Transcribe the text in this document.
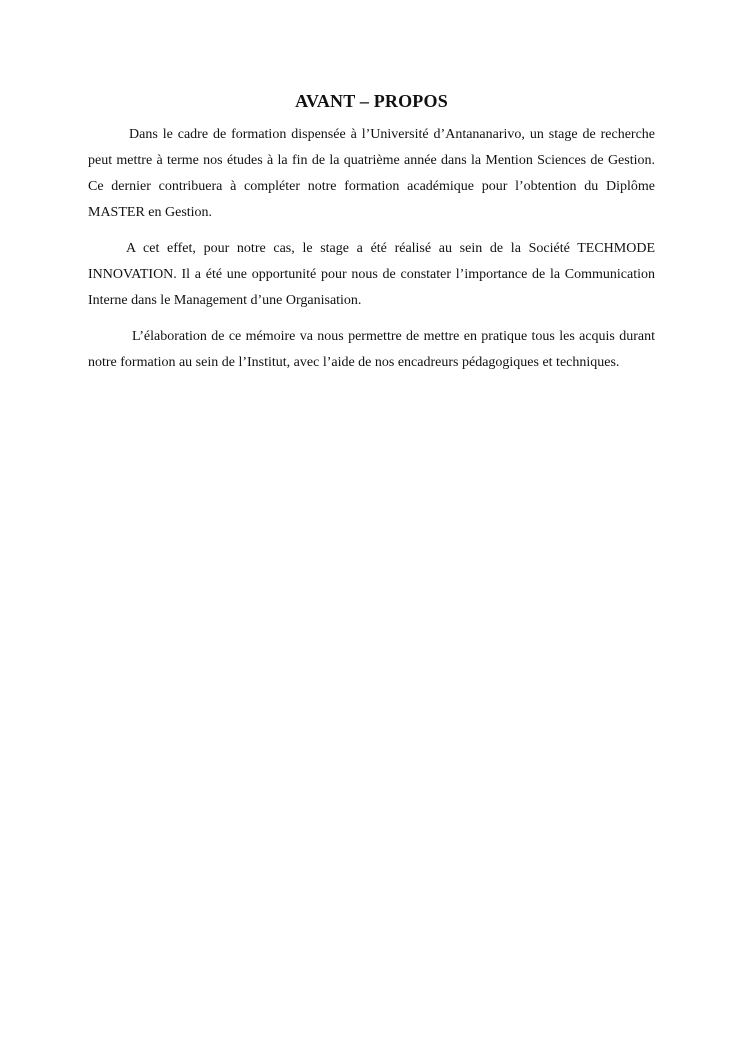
AVANT – PROPOS

Dans le cadre de formation dispensée à l’Université d’Antananarivo, un stage de recherche peut mettre à terme nos études à la fin de la quatrième année dans la Mention Sciences de Gestion. Ce dernier contribuera à compléter notre formation académique pour l’obtention du Diplôme MASTER en Gestion.

A cet effet, pour notre cas, le stage a été réalisé au sein de la Société TECHMODE INNOVATION. Il a été une opportunité pour nous de constater l’importance de la Communication Interne dans le Management d’une Organisation.

L’élaboration de ce mémoire va nous permettre de mettre en pratique tous les acquis durant notre formation au sein de l’Institut, avec l’aide de nos encadreurs pédagogiques et techniques.
